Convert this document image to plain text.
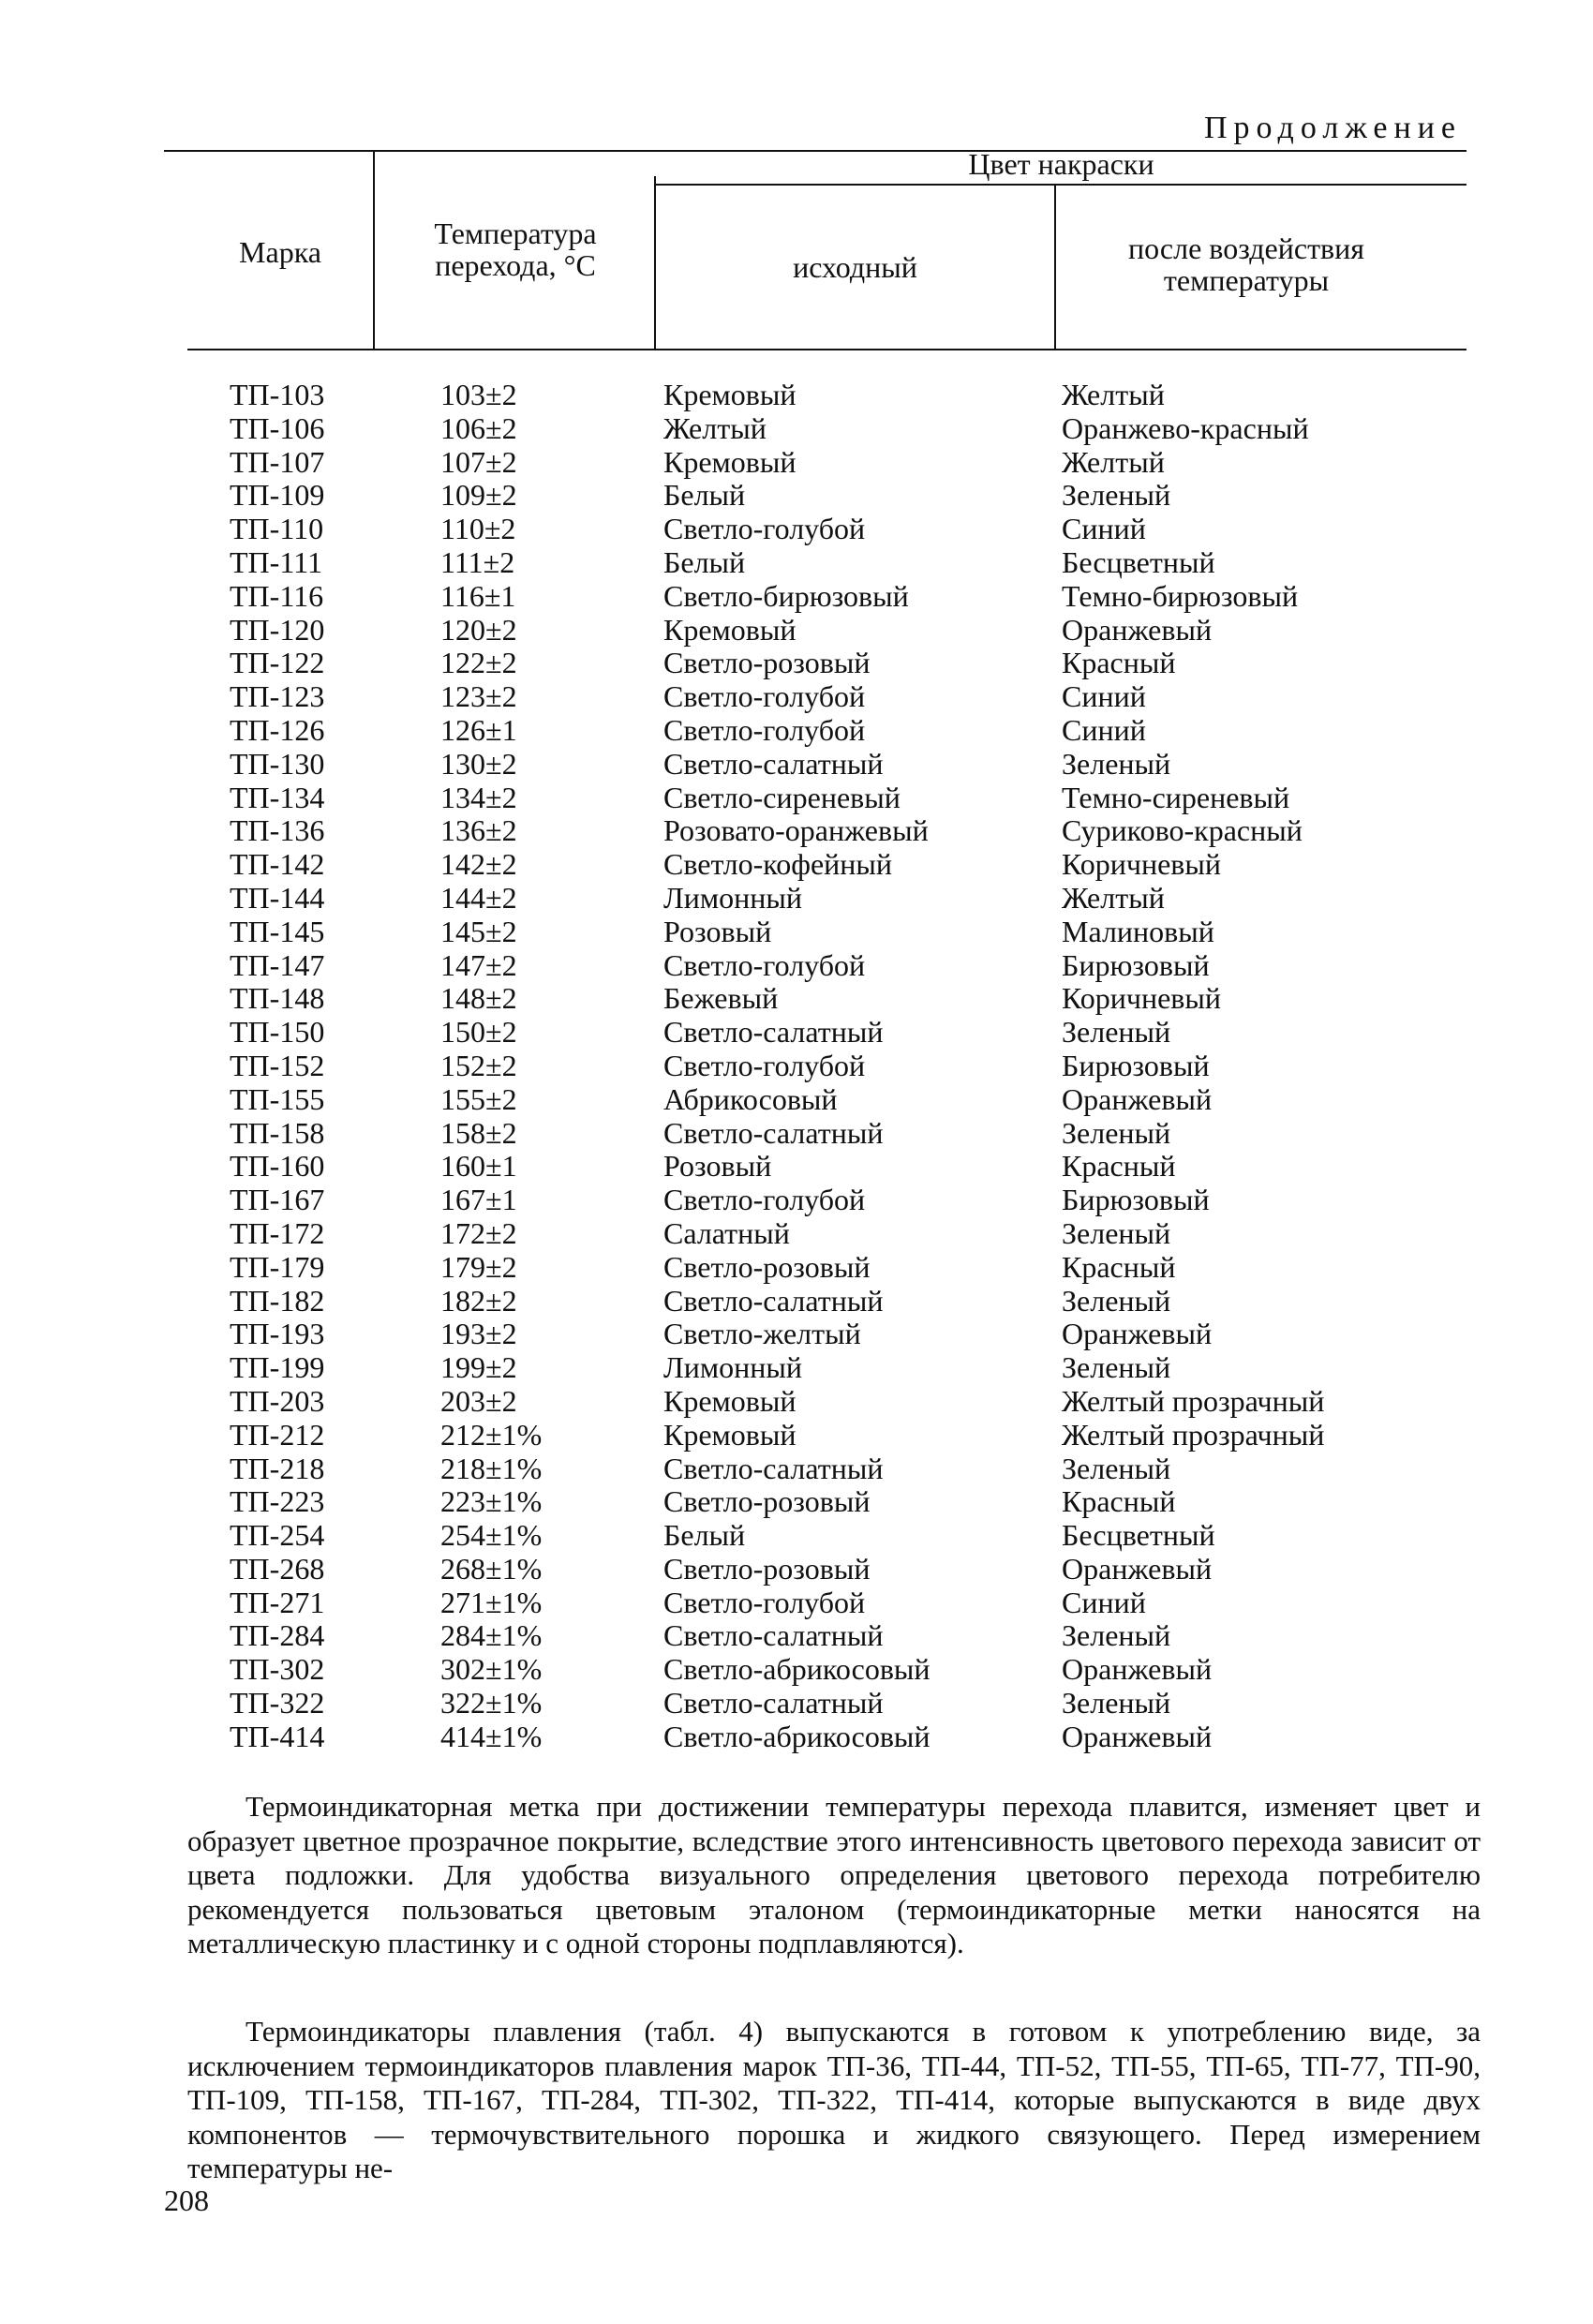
Продолжение
Марка
Температура перехода, °С
Цвет накраски
исходный
после воздействия температуры
ТП-103	103±2	Кремовый	Желтый
ТП-106	106±2	Желтый	Оранжево-красный
ТП-107	107±2	Кремовый	Желтый
ТП-109	109±2	Белый	Зеленый
ТП-110	110±2	Светло-голубой	Синий
ТП-111	111±2	Белый	Бесцветный
ТП-116	116±1	Светло-бирюзовый	Темно-бирюзовый
ТП-120	120±2	Кремовый	Оранжевый
ТП-122	122±2	Светло-розовый	Красный
ТП-123	123±2	Светло-голубой	Синий
ТП-126	126±1	Светло-голубой	Синий
ТП-130	130±2	Светло-салатный	Зеленый
ТП-134	134±2	Светло-сиреневый	Темно-сиреневый
ТП-136	136±2	Розовато-оранжевый	Суриково-красный
ТП-142	142±2	Светло-кофейный	Коричневый
ТП-144	144±2	Лимонный	Желтый
ТП-145	145±2	Розовый	Малиновый
ТП-147	147±2	Светло-голубой	Бирюзовый
ТП-148	148±2	Бежевый	Коричневый
ТП-150	150±2	Светло-салатный	Зеленый
ТП-152	152±2	Светло-голубой	Бирюзовый
ТП-155	155±2	Абрикосовый	Оранжевый
ТП-158	158±2	Светло-салатный	Зеленый
ТП-160	160±1	Розовый	Красный
ТП-167	167±1	Светло-голубой	Бирюзовый
ТП-172	172±2	Салатный	Зеленый
ТП-179	179±2	Светло-розовый	Красный
ТП-182	182±2	Светло-салатный	Зеленый
ТП-193	193±2	Светло-желтый	Оранжевый
ТП-199	199±2	Лимонный	Зеленый
ТП-203	203±2	Кремовый	Желтый прозрачный
ТП-212	212±1%	Кремовый	Желтый прозрачный
ТП-218	218±1%	Светло-салатный	Зеленый
ТП-223	223±1%	Светло-розовый	Красный
ТП-254	254±1%	Белый	Бесцветный
ТП-268	268±1%	Светло-розовый	Оранжевый
ТП-271	271±1%	Светло-голубой	Синий
ТП-284	284±1%	Светло-салатный	Зеленый
ТП-302	302±1%	Светло-абрикосовый	Оранжевый
ТП-322	322±1%	Светло-салатный	Зеленый
ТП-414	414±1%	Светло-абрикосовый	Оранжевый
Термоиндикаторная метка при достижении температуры перехода плавится, изменяет цвет и образует цветное прозрачное покрытие, вследствие этого интенсивность цветового перехода зависит от цвета подложки. Для удобства визуального определения цветового перехода потребителю рекомендуется пользоваться цветовым эталоном (термоиндикаторные метки наносятся на металлическую пластинку и с одной стороны подплавляются).
Термоиндикаторы плавления (табл. 4) выпускаются в готовом к употреблению виде, за исключением термоиндикаторов плавления марок ТП-36, ТП-44, ТП-52, ТП-55, ТП-65, ТП-77, ТП-90, ТП-109, ТП-158, ТП-167, ТП-284, ТП-302, ТП-322, ТП-414, которые выпускаются в виде двух компонентов — термочувствительного порошка и жидкого связующего. Перед измерением температуры не-
208
